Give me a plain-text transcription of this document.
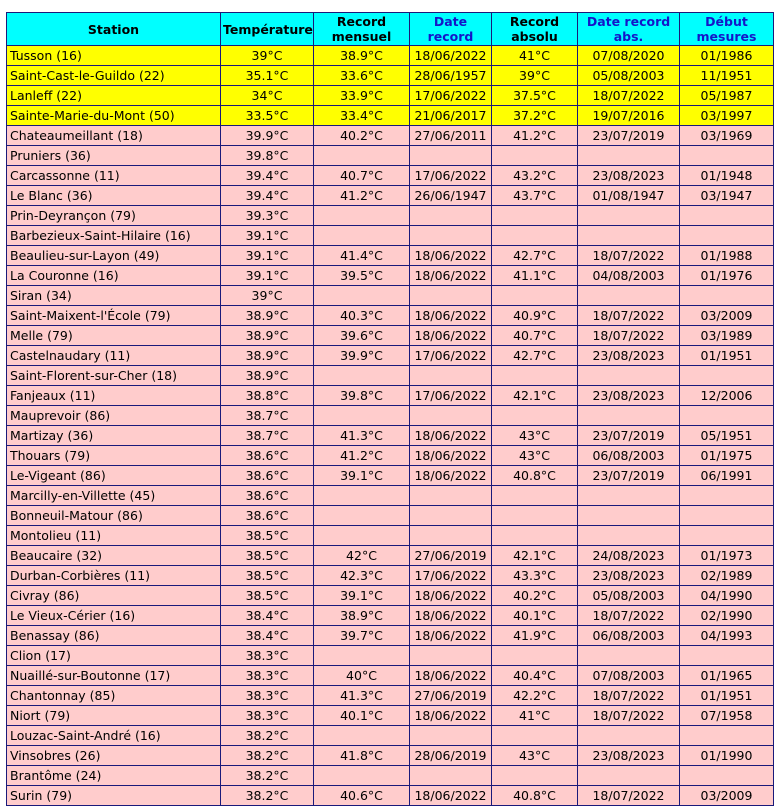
Station	Température	Record mensuel	Date record	Record absolu	Date record abs.	Début mesures
Tusson (16)	39°C	38.9°C	18/06/2022	41°C	07/08/2020	01/1986
Saint-Cast-le-Guildo (22)	35.1°C	33.6°C	28/06/1957	39°C	05/08/2003	11/1951
Lanleff (22)	34°C	33.9°C	17/06/2022	37.5°C	18/07/2022	05/1987
Sainte-Marie-du-Mont (50)	33.5°C	33.4°C	21/06/2017	37.2°C	19/07/2016	03/1997
Chateaumeillant (18)	39.9°C	40.2°C	27/06/2011	41.2°C	23/07/2019	03/1969
Pruniers (36)	39.8°C					
Carcassonne (11)	39.4°C	40.7°C	17/06/2022	43.2°C	23/08/2023	01/1948
Le Blanc (36)	39.4°C	41.2°C	26/06/1947	43.7°C	01/08/1947	03/1947
Prin-Deyrançon (79)	39.3°C					
Barbezieux-Saint-Hilaire (16)	39.1°C					
Beaulieu-sur-Layon (49)	39.1°C	41.4°C	18/06/2022	42.7°C	18/07/2022	01/1988
La Couronne (16)	39.1°C	39.5°C	18/06/2022	41.1°C	04/08/2003	01/1976
Siran (34)	39°C					
Saint-Maixent-l'École (79)	38.9°C	40.3°C	18/06/2022	40.9°C	18/07/2022	03/2009
Melle (79)	38.9°C	39.6°C	18/06/2022	40.7°C	18/07/2022	03/1989
Castelnaudary (11)	38.9°C	39.9°C	17/06/2022	42.7°C	23/08/2023	01/1951
Saint-Florent-sur-Cher (18)	38.9°C					
Fanjeaux (11)	38.8°C	39.8°C	17/06/2022	42.1°C	23/08/2023	12/2006
Mauprevoir (86)	38.7°C					
Martizay (36)	38.7°C	41.3°C	18/06/2022	43°C	23/07/2019	05/1951
Thouars (79)	38.6°C	41.2°C	18/06/2022	43°C	06/08/2003	01/1975
Le-Vigeant (86)	38.6°C	39.1°C	18/06/2022	40.8°C	23/07/2019	06/1991
Marcilly-en-Villette (45)	38.6°C					
Bonneuil-Matour (86)	38.6°C					
Montolieu (11)	38.5°C					
Beaucaire (32)	38.5°C	42°C	27/06/2019	42.1°C	24/08/2023	01/1973
Durban-Corbières (11)	38.5°C	42.3°C	17/06/2022	43.3°C	23/08/2023	02/1989
Civray (86)	38.5°C	39.1°C	18/06/2022	40.2°C	05/08/2003	04/1990
Le Vieux-Cérier (16)	38.4°C	38.9°C	18/06/2022	40.1°C	18/07/2022	02/1990
Benassay (86)	38.4°C	39.7°C	18/06/2022	41.9°C	06/08/2003	04/1993
Clion (17)	38.3°C					
Nuaillé-sur-Boutonne (17)	38.3°C	40°C	18/06/2022	40.4°C	07/08/2003	01/1965
Chantonnay (85)	38.3°C	41.3°C	27/06/2019	42.2°C	18/07/2022	01/1951
Niort (79)	38.3°C	40.1°C	18/06/2022	41°C	18/07/2022	07/1958
Louzac-Saint-André (16)	38.2°C					
Vinsobres (26)	38.2°C	41.8°C	28/06/2019	43°C	23/08/2023	01/1990
Brantôme (24)	38.2°C					
Surin (79)	38.2°C	40.6°C	18/06/2022	40.8°C	18/07/2022	03/2009
